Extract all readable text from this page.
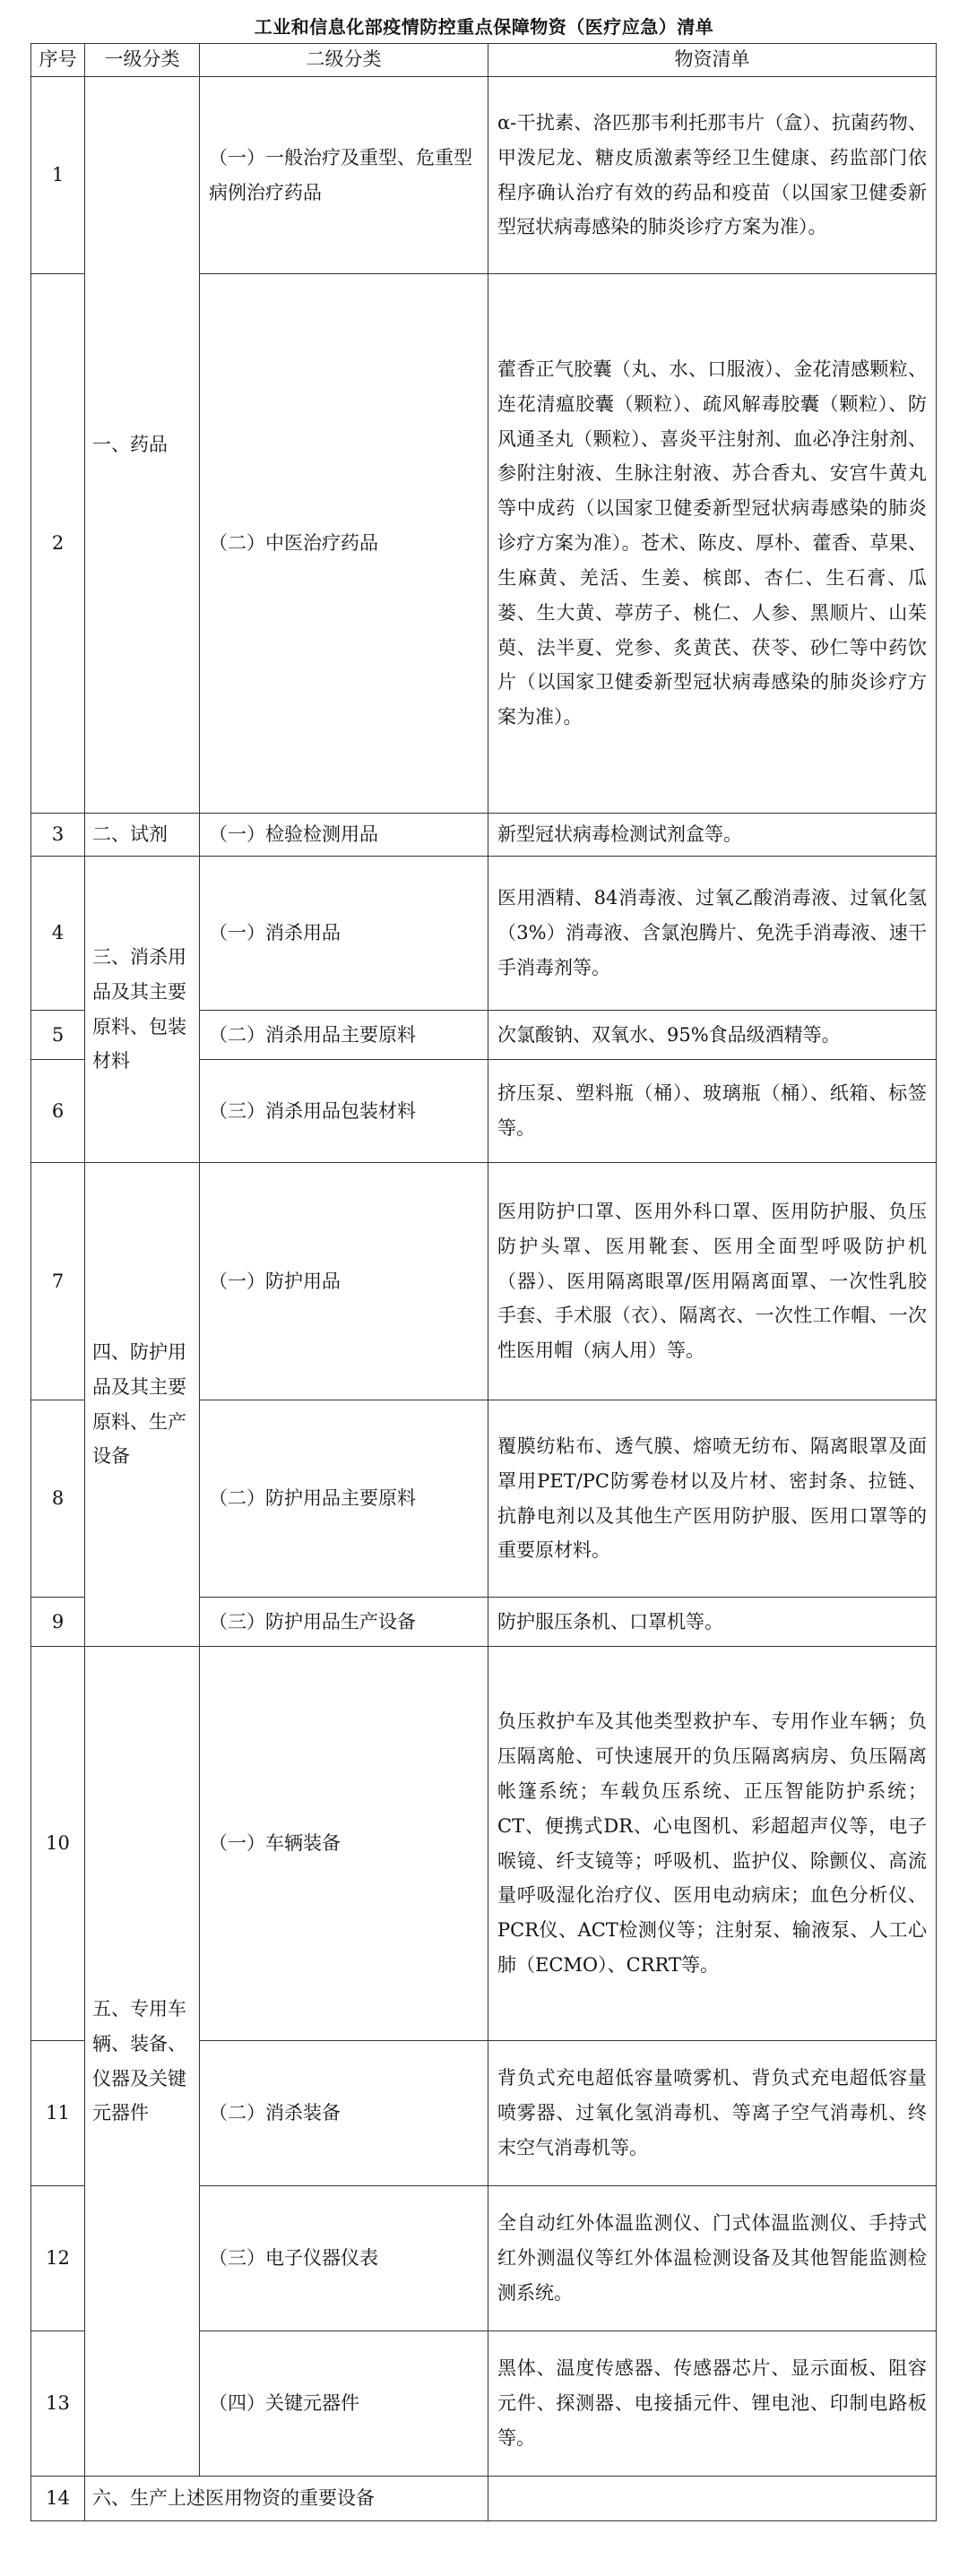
工业和信息化部疫情防控重点保障物资（医疗应急）清单
序号	一级分类	二级分类	物资清单
1	一、药品	（一）一般治疗及重型、危重型病例治疗药品	α-干扰素、洛匹那韦利托那韦片（盒）、抗菌药物、甲泼尼龙、糖皮质激素等经卫生健康、药监部门依程序确认治疗有效的药品和疫苗（以国家卫健委新型冠状病毒感染的肺炎诊疗方案为准）。
2		（二）中医治疗药品	藿香正气胶囊（丸、水、口服液）、金花清感颗粒、连花清瘟胶囊（颗粒）、疏风解毒胶囊（颗粒）、防风通圣丸（颗粒）、喜炎平注射剂、血必净注射剂、参附注射液、生脉注射液、苏合香丸、安宫牛黄丸等中成药（以国家卫健委新型冠状病毒感染的肺炎诊疗方案为准）。苍术、陈皮、厚朴、藿香、草果、生麻黄、羌活、生姜、槟郎、杏仁、生石膏、瓜蒌、生大黄、葶苈子、桃仁、人参、黑顺片、山茱萸、法半夏、党参、炙黄芪、茯苓、砂仁等中药饮片（以国家卫健委新型冠状病毒感染的肺炎诊疗方案为准）。
3	二、试剂	（一）检验检测用品	新型冠状病毒检测试剂盒等。
4	三、消杀用品及其主要原料、包装材料	（一）消杀用品	医用酒精、84消毒液、过氧乙酸消毒液、过氧化氢（3%）消毒液、含氯泡腾片、免洗手消毒液、速干手消毒剂等。
5		（二）消杀用品主要原料	次氯酸钠、双氧水、95%食品级酒精等。
6		（三）消杀用品包装材料	挤压泵、塑料瓶（桶）、玻璃瓶（桶）、纸箱、标签等。
7	四、防护用品及其主要原料、生产设备	（一）防护用品	医用防护口罩、医用外科口罩、医用防护服、负压防护头罩、医用靴套、医用全面型呼吸防护机（器）、医用隔离眼罩/医用隔离面罩、一次性乳胶手套、手术服（衣）、隔离衣、一次性工作帽、一次性医用帽（病人用）等。
8		（二）防护用品主要原料	覆膜纺粘布、透气膜、熔喷无纺布、隔离眼罩及面罩用PET/PC防雾卷材以及片材、密封条、拉链、抗静电剂以及其他生产医用防护服、医用口罩等的重要原材料。
9		（三）防护用品生产设备	防护服压条机、口罩机等。
10	五、专用车辆、装备、仪器及关键元器件	（一）车辆装备	负压救护车及其他类型救护车、专用作业车辆；负压隔离舱、可快速展开的负压隔离病房、负压隔离帐篷系统；车载负压系统、正压智能防护系统；CT、便携式DR、心电图机、彩超超声仪等，电子喉镜、纤支镜等；呼吸机、监护仪、除颤仪、高流量呼吸湿化治疗仪、医用电动病床；血色分析仪、PCR仪、ACT检测仪等；注射泵、输液泵、人工心肺（ECMO）、CRRT等。
11		（二）消杀装备	背负式充电超低容量喷雾机、背负式充电超低容量喷雾器、过氧化氢消毒机、等离子空气消毒机、终末空气消毒机等。
12		（三）电子仪器仪表	全自动红外体温监测仪、门式体温监测仪、手持式红外测温仪等红外体温检测设备及其他智能监测检测系统。
13		（四）关键元器件	黑体、温度传感器、传感器芯片、显示面板、阻容元件、探测器、电接插元件、锂电池、印制电路板等。
14	六、生产上述医用物资的重要设备		
